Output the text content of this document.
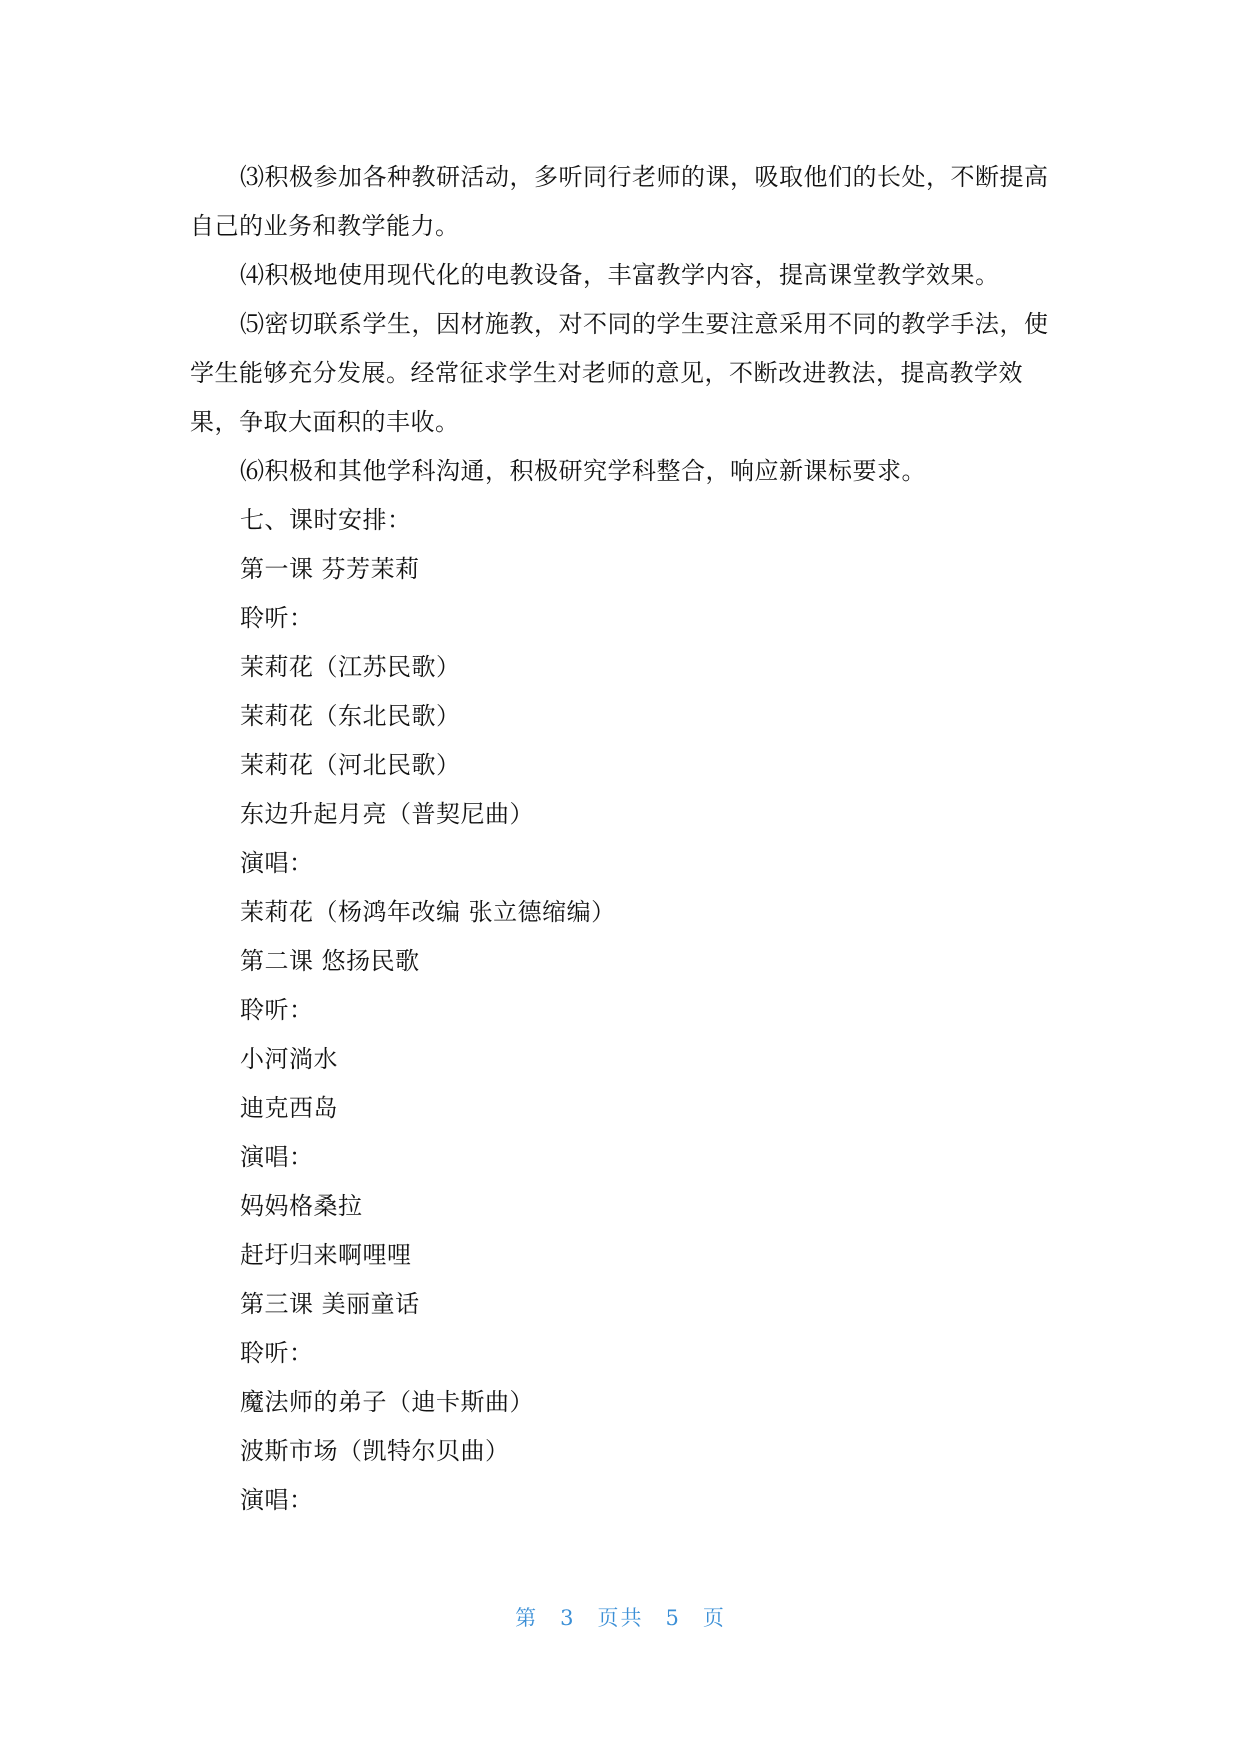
⑶积极参加各种教研活动，多听同行老师的课，吸取他们的长处，不断提高自己的业务和教学能力。

⑷积极地使用现代化的电教设备，丰富教学内容，提高课堂教学效果。

⑸密切联系学生，因材施教，对不同的学生要注意采用不同的教学手法，使学生能够充分发展。经常征求学生对老师的意见，不断改进教法，提高教学效果，争取大面积的丰收。

⑹积极和其他学科沟通，积极研究学科整合，响应新课标要求。

七、课时安排：

第一课 芬芳茉莉

聆听：

茉莉花（江苏民歌）

茉莉花（东北民歌）

茉莉花（河北民歌）

东边升起月亮（普契尼曲）

演唱：

茉莉花（杨鸿年改编 张立德缩编）

第二课 悠扬民歌

聆听：

小河淌水

迪克西岛

演唱：

妈妈格桑拉

赶圩归来啊哩哩

第三课 美丽童话

聆听：

魔法师的弟子（迪卡斯曲）

波斯市场（凯特尔贝曲）

演唱：

第 3 页共 5 页
